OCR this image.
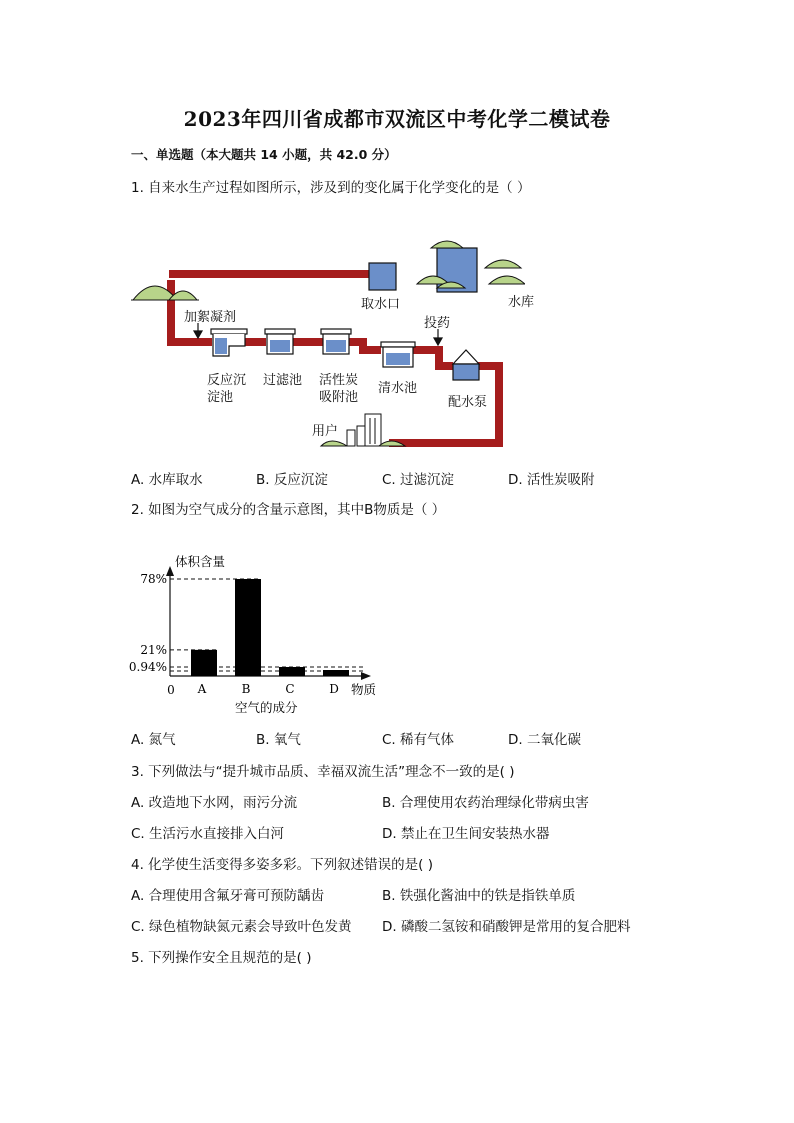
2023年四川省成都市双流区中考化学二模试卷
一、单选题（本大题共 14 小题，共 42.0 分）
1. 自来水生产过程如图所示，涉及到的变化属于化学变化的是（ ）
取水口	水库
加絮凝剂	投药
反应沉
淀池
过滤池 活性炭
吸附池
清水池
配水泵
用户
A. 水库取水	B. 反应沉淀	C. 过滤沉淀	D. 活性炭吸附
2. 如图为空气成分的含量示意图，其中B物质是（ ）
78%
21%
0.94%
A	B	C	D
体积含量
0	物质
空气的成分
A. 氮气	B. 氧气	C. 稀有气体	D. 二氧化碳
3. 下列做法与“提升城市品质、幸福双流生活”理念不一致的是( )
A. 改造地下水网，雨污分流	B. 合理使用农药治理绿化带病虫害
C. 生活污水直接排入白河	D. 禁止在卫生间安装热水器
4. 化学使生活变得多姿多彩。下列叙述错误的是( )
A. 合理使用含氟牙膏可预防龋齿	B. 铁强化酱油中的铁是指铁单质
C. 绿色植物缺氮元素会导致叶色发黄 D. 磷酸二氢铵和硝酸钾是常用的复合肥料
5. 下列操作安全且规范的是( )
